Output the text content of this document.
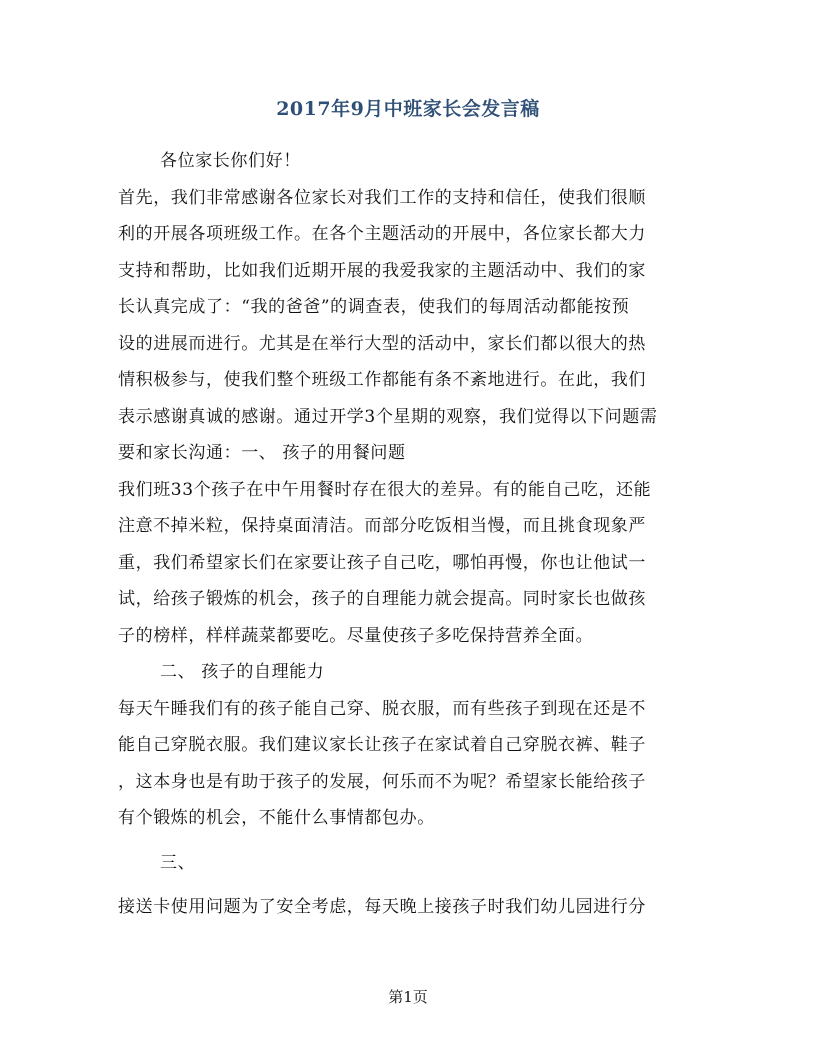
2017年9月中班家长会发言稿
各位家长你们好！
首先，我们非常感谢各位家长对我们工作的支持和信任，使我们很顺
利的开展各项班级工作。在各个主题活动的开展中，各位家长都大力
支持和帮助，比如我们近期开展的我爱我家的主题活动中、我们的家
长认真完成了：“我的爸爸”的调查表，使我们的每周活动都能按预
设的进展而进行。尤其是在举行大型的活动中，家长们都以很大的热
情积极参与，使我们整个班级工作都能有条不紊地进行。在此，我们
表示感谢真诚的感谢。通过开学3个星期的观察，我们觉得以下问题需
要和家长沟通：一、 孩子的用餐问题
我们班33个孩子在中午用餐时存在很大的差异。有的能自己吃，还能
注意不掉米粒，保持桌面清洁。而部分吃饭相当慢，而且挑食现象严
重，我们希望家长们在家要让孩子自己吃，哪怕再慢，你也让他试一
试，给孩子锻炼的机会，孩子的自理能力就会提高。同时家长也做孩
子的榜样，样样蔬菜都要吃。尽量使孩子多吃保持营养全面。
二、 孩子的自理能力
每天午睡我们有的孩子能自己穿、脱衣服，而有些孩子到现在还是不
能自己穿脱衣服。我们建议家长让孩子在家试着自己穿脱衣裤、鞋子
，这本身也是有助于孩子的发展，何乐而不为呢？希望家长能给孩子
有个锻炼的机会，不能什么事情都包办。
三、
接送卡使用问题为了安全考虑，每天晚上接孩子时我们幼儿园进行分
第1页
